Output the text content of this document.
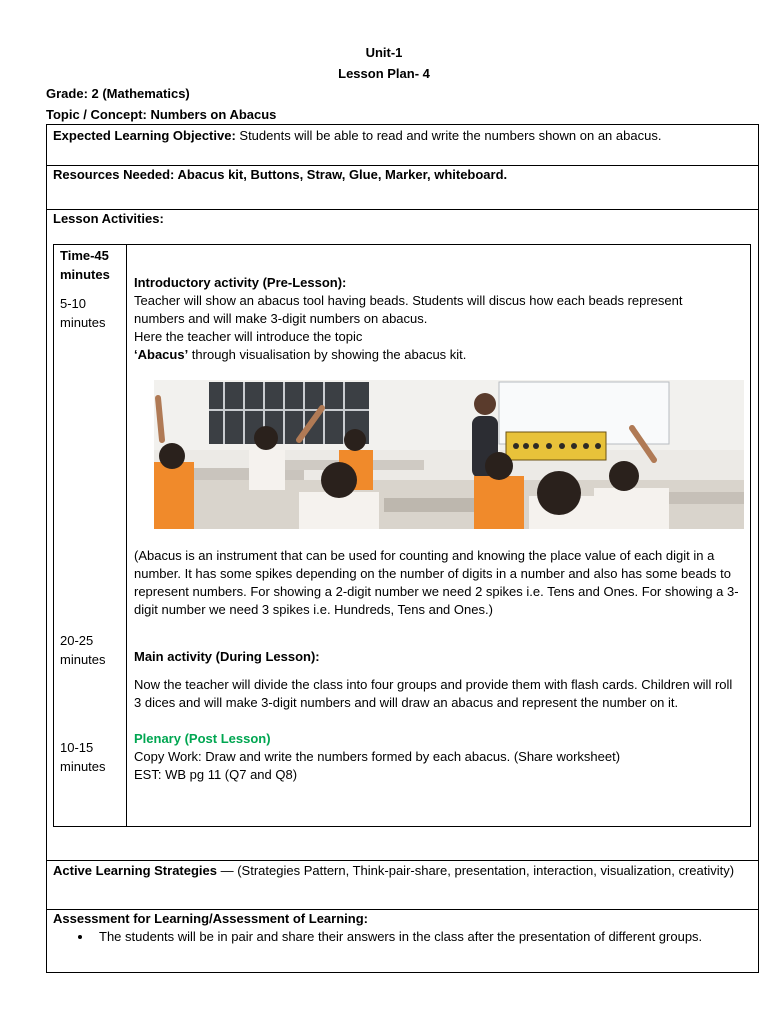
Unit-1
Lesson Plan- 4
Grade: 2 (Mathematics)
Topic / Concept: Numbers on Abacus
Expected Learning Objective: Students will be able to read and write the numbers shown on an abacus.
Resources Needed: Abacus kit, Buttons, Straw, Glue, Marker, whiteboard.
Lesson Activities:
Time-45 minutes
5-10 minutes
20-25 minutes
10-15 minutes
Introductory activity (Pre-Lesson):
Teacher will show an abacus tool having beads. Students will discus how each beads represent
numbers and will make 3-digit numbers on abacus.
Here the teacher will introduce the topic
‘Abacus’ through visualisation by showing the abacus kit.
(Abacus is an instrument that can be used for counting and knowing the place value of each digit in a number. It has some spikes depending on the number of digits in a number and also has some beads to represent numbers. For showing a 2-digit number we need 2 spikes i.e. Tens and Ones. For showing a 3-digit number we need 3 spikes i.e. Hundreds, Tens and Ones.)
Main activity (During Lesson):
Now the teacher will divide the class into four groups and provide them with flash cards. Children will roll 3 dices and will make 3-digit numbers and will draw an abacus and represent the number on it.
Plenary (Post Lesson)
Copy Work: Draw and write the numbers formed by each abacus. (Share worksheet)
EST: WB pg 11 (Q7 and Q8)
Active Learning Strategies — (Strategies Pattern, Think-pair-share, presentation, interaction, visualization, creativity)
Assessment for Learning/Assessment of Learning:
• The students will be in pair and share their answers in the class after the presentation of different groups.
